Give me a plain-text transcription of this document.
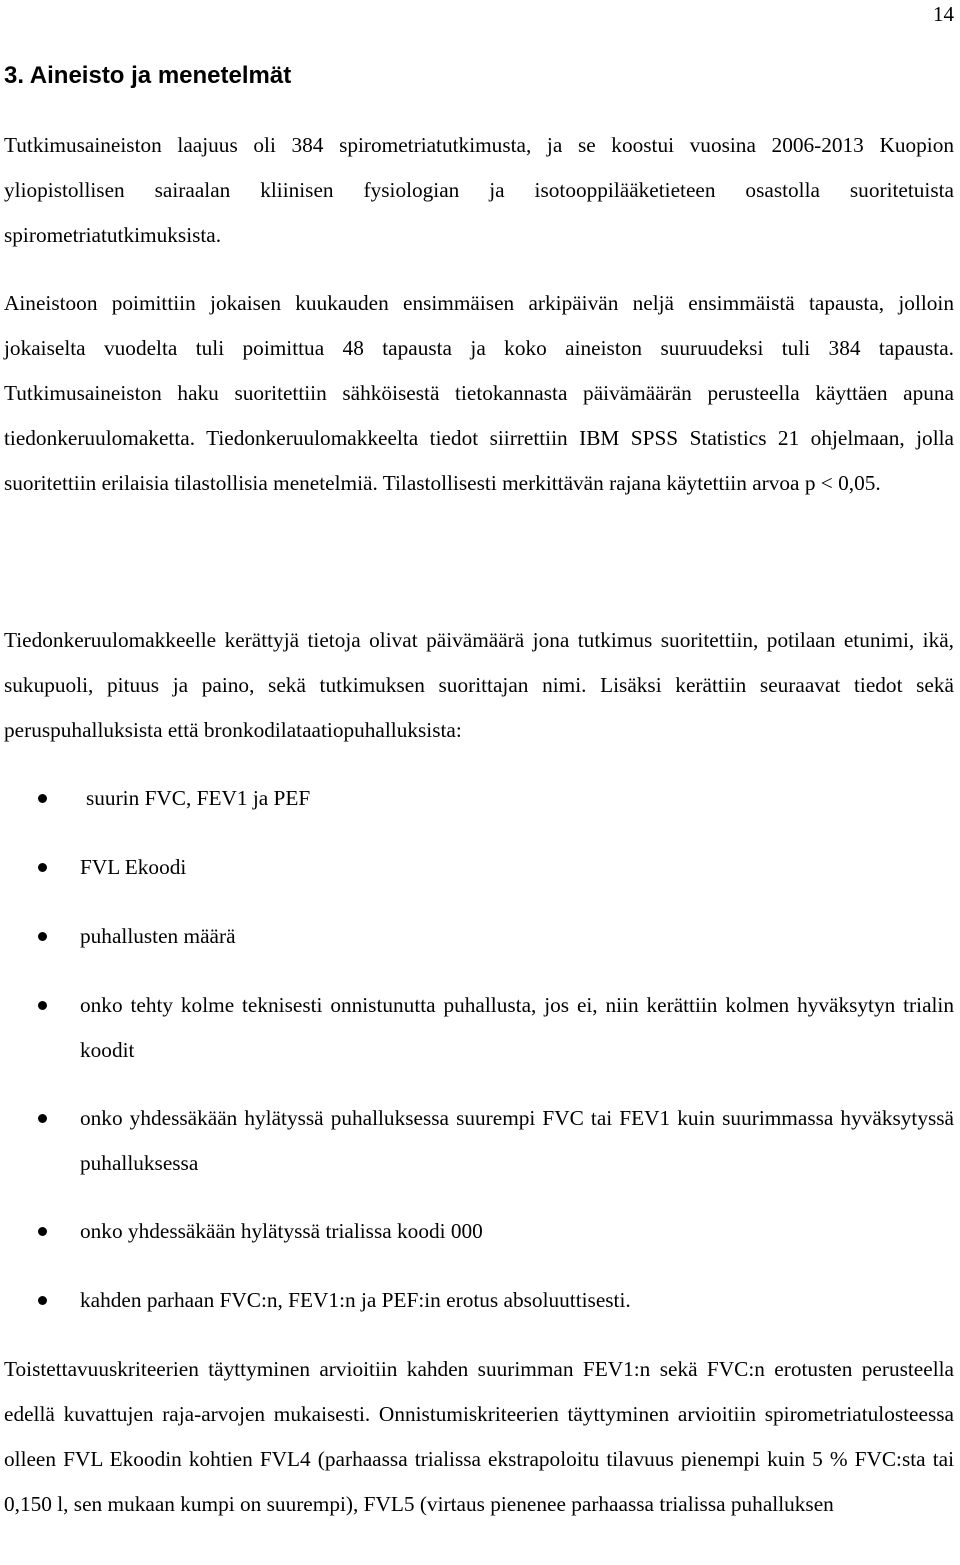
14
3. Aineisto ja menetelmät

Tutkimusaineiston laajuus oli 384 spirometriatutkimusta, ja se koostui vuosina 2006-2013 Kuopion yliopistollisen sairaalan kliinisen fysiologian ja isotooppilääketieteen osastolla suoritetuista spirometriatutkimuksista.

Aineistoon poimittiin jokaisen kuukauden ensimmäisen arkipäivän neljä ensimmäistä tapausta, jolloin jokaiselta vuodelta tuli poimittua 48 tapausta ja koko aineiston suuruudeksi tuli 384 tapausta. Tutkimusaineiston haku suoritettiin sähköisestä tietokannasta päivämäärän perusteella käyttäen apuna tiedonkeruulomaketta. Tiedonkeruulomakkeelta tiedot siirrettiin IBM SPSS Statistics 21 ohjelmaan, jolla suoritettiin erilaisia tilastollisia menetelmiä. Tilastollisesti merkittävän rajana käytettiin arvoa p < 0,05.

Tiedonkeruulomakkeelle kerättyjä tietoja olivat päivämäärä jona tutkimus suoritettiin, potilaan etunimi, ikä, sukupuoli, pituus ja paino, sekä tutkimuksen suorittajan nimi. Lisäksi kerättiin seuraavat tiedot sekä peruspuhalluksista että bronkodilataatiopuhalluksista:

suurin FVC, FEV1 ja PEF
FVL Ekoodi
puhallusten määrä
onko tehty kolme teknisesti onnistunutta puhallusta, jos ei, niin kerättiin kolmen hyväksytyn trialin koodit
onko yhdessäkään hylätyssä puhalluksessa suurempi FVC tai FEV1 kuin suurimmassa hyväksytyssä puhalluksessa
onko yhdessäkään hylätyssä trialissa koodi 000
kahden parhaan FVC:n, FEV1:n ja PEF:in erotus absoluuttisesti.

Toistettavuuskriteerien täyttyminen arvioitiin kahden suurimman FEV1:n sekä FVC:n erotusten perusteella edellä kuvattujen raja-arvojen mukaisesti. Onnistumiskriteerien täyttyminen arvioitiin spirometriatulosteessa olleen FVL Ekoodin kohtien FVL4 (parhaassa trialissa ekstrapoloitu tilavuus pienempi kuin 5 % FVC:sta tai 0,150 l, sen mukaan kumpi on suurempi), FVL5 (virtaus pienenee parhaassa trialissa puhalluksen
